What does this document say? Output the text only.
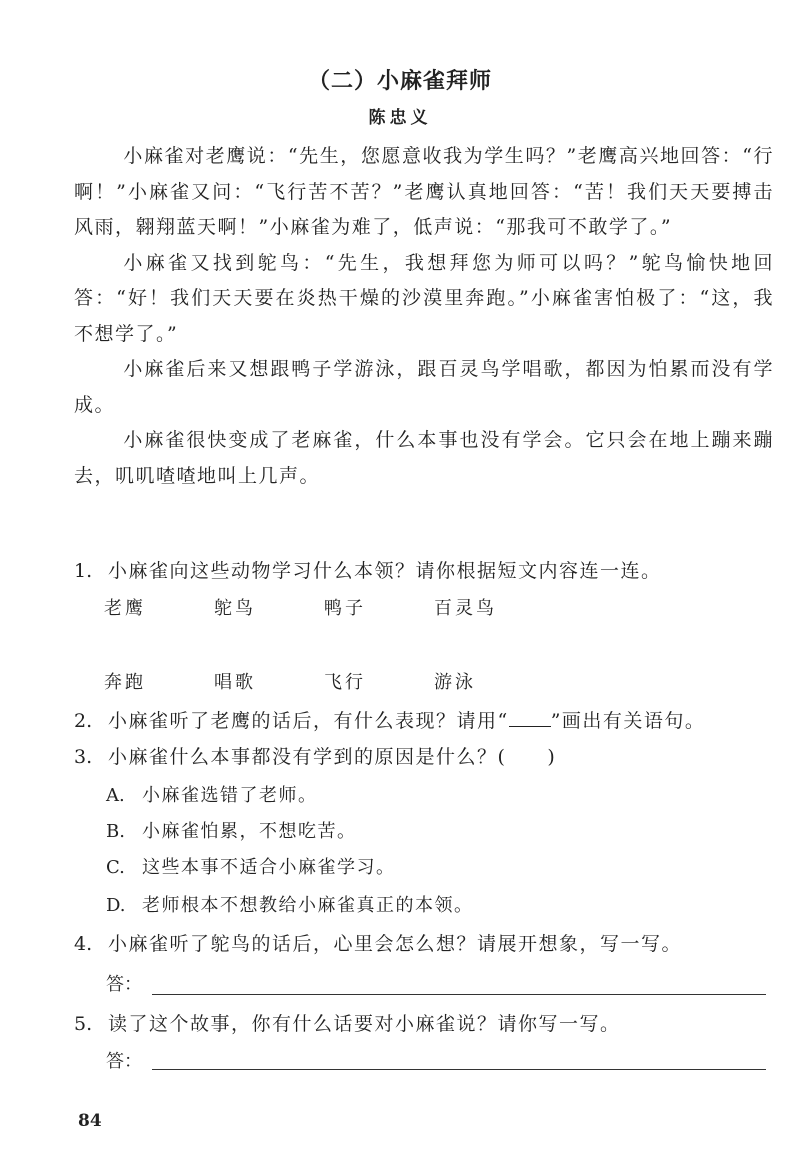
（二）小麻雀拜师
陈忠义

小麻雀对老鹰说：“先生，您愿意收我为学生吗？”老鹰高兴地回答：“行啊！”小麻雀又问：“飞行苦不苦？”老鹰认真地回答：“苦！我们天天要搏击风雨，翱翔蓝天啊！”小麻雀为难了，低声说：“那我可不敢学了。”

小麻雀又找到鸵鸟：“先生，我想拜您为师可以吗？”鸵鸟愉快地回答：“好！我们天天要在炎热干燥的沙漠里奔跑。”小麻雀害怕极了：“这，我不想学了。”

小麻雀后来又想跟鸭子学游泳，跟百灵鸟学唱歌，都因为怕累而没有学成。

小麻雀很快变成了老麻雀，什么本事也没有学会。它只会在地上蹦来蹦去，叽叽喳喳地叫上几声。

1. 小麻雀向这些动物学习什么本领？请你根据短文内容连一连。
老鹰	鸵鸟	鸭子	百灵鸟
奔跑	唱歌	飞行	游泳
2. 小麻雀听了老鹰的话后，有什么表现？请用“ ”画出有关语句。
3. 小麻雀什么本事都没有学到的原因是什么？(　　)
A. 小麻雀选错了老师。
B. 小麻雀怕累，不想吃苦。
C. 这些本事不适合小麻雀学习。
D. 老师根本不想教给小麻雀真正的本领。
4. 小麻雀听了鸵鸟的话后，心里会怎么想？请展开想象，写一写。
答：
5. 读了这个故事，你有什么话要对小麻雀说？请你写一写。
答：
84
